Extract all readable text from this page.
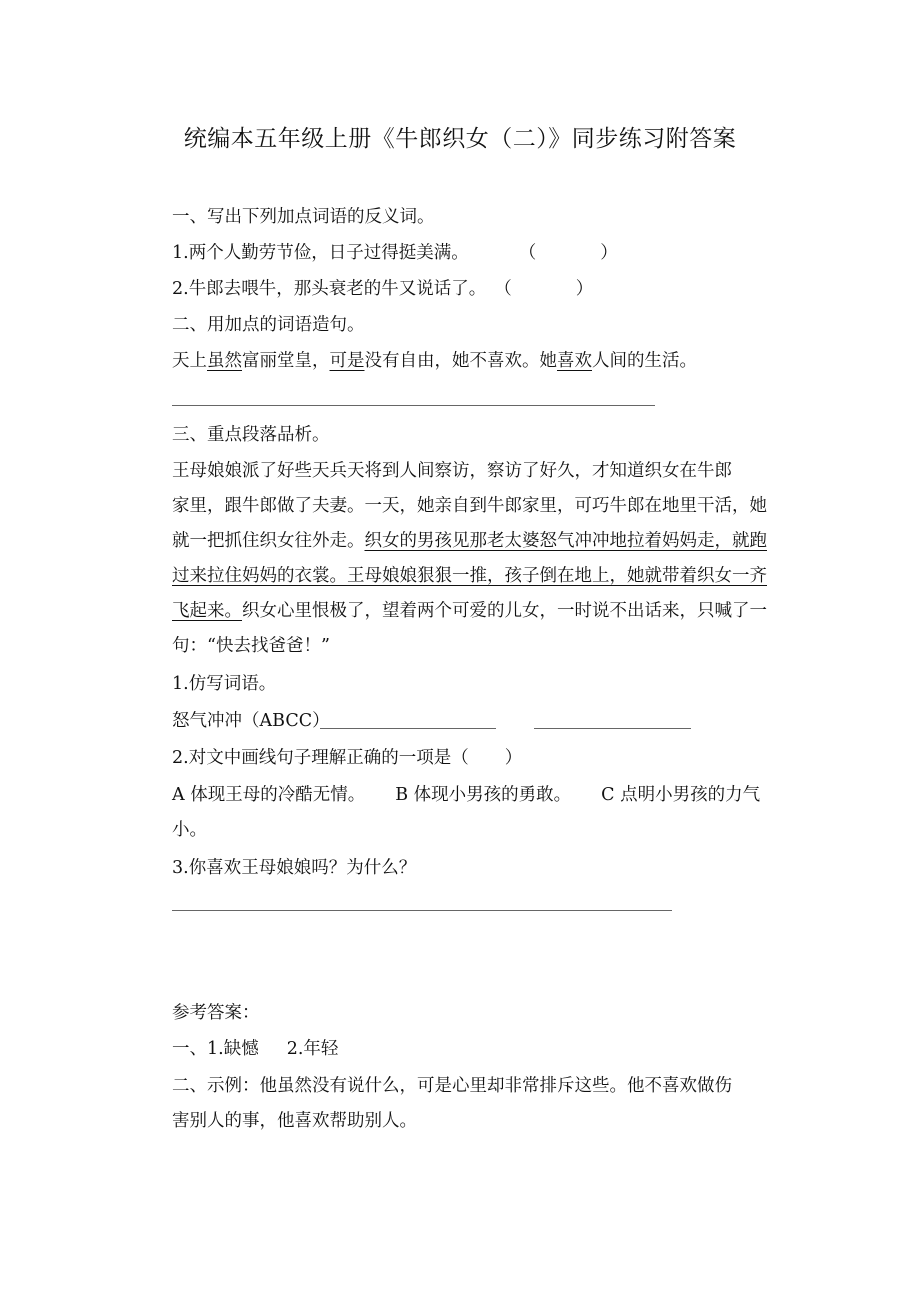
统编本五年级上册《牛郎织女（二）》同步练习附答案
一、写出下列加点词语的反义词。
1.两个人勤劳节俭，日子过得挺美满。	（	）
2.牛郎去喂牛，那头衰老的牛又说话了。 （	）
二、用加点的词语造句。
天上虽然富丽堂皇，可是没有自由，她不喜欢。她喜欢人间的生活。
三、重点段落品析。
王母娘娘派了好些天兵天将到人间察访，察访了好久，才知道织女在牛郎
家里，跟牛郎做了夫妻。一天，她亲自到牛郎家里，可巧牛郎在地里干活，她
就一把抓住织女往外走。织女的男孩见那老太婆怒气冲冲地拉着妈妈走，就跑
过来拉住妈妈的衣裳。王母娘娘狠狠一推，孩子倒在地上，她就带着织女一齐
飞起来。织女心里恨极了，望着两个可爱的儿女，一时说不出话来，只喊了一
句：“快去找爸爸！”
1.仿写词语。
怒气冲冲（ABCC）
2.对文中画线句子理解正确的一项是（ ）
A 体现王母的冷酷无情。 B 体现小男孩的勇敢。 C 点明小男孩的力气
小。
3.你喜欢王母娘娘吗？为什么？
参考答案：
一、1.缺憾 2.年轻
二、示例：他虽然没有说什么，可是心里却非常排斥这些。他不喜欢做伤
害别人的事，他喜欢帮助别人。
